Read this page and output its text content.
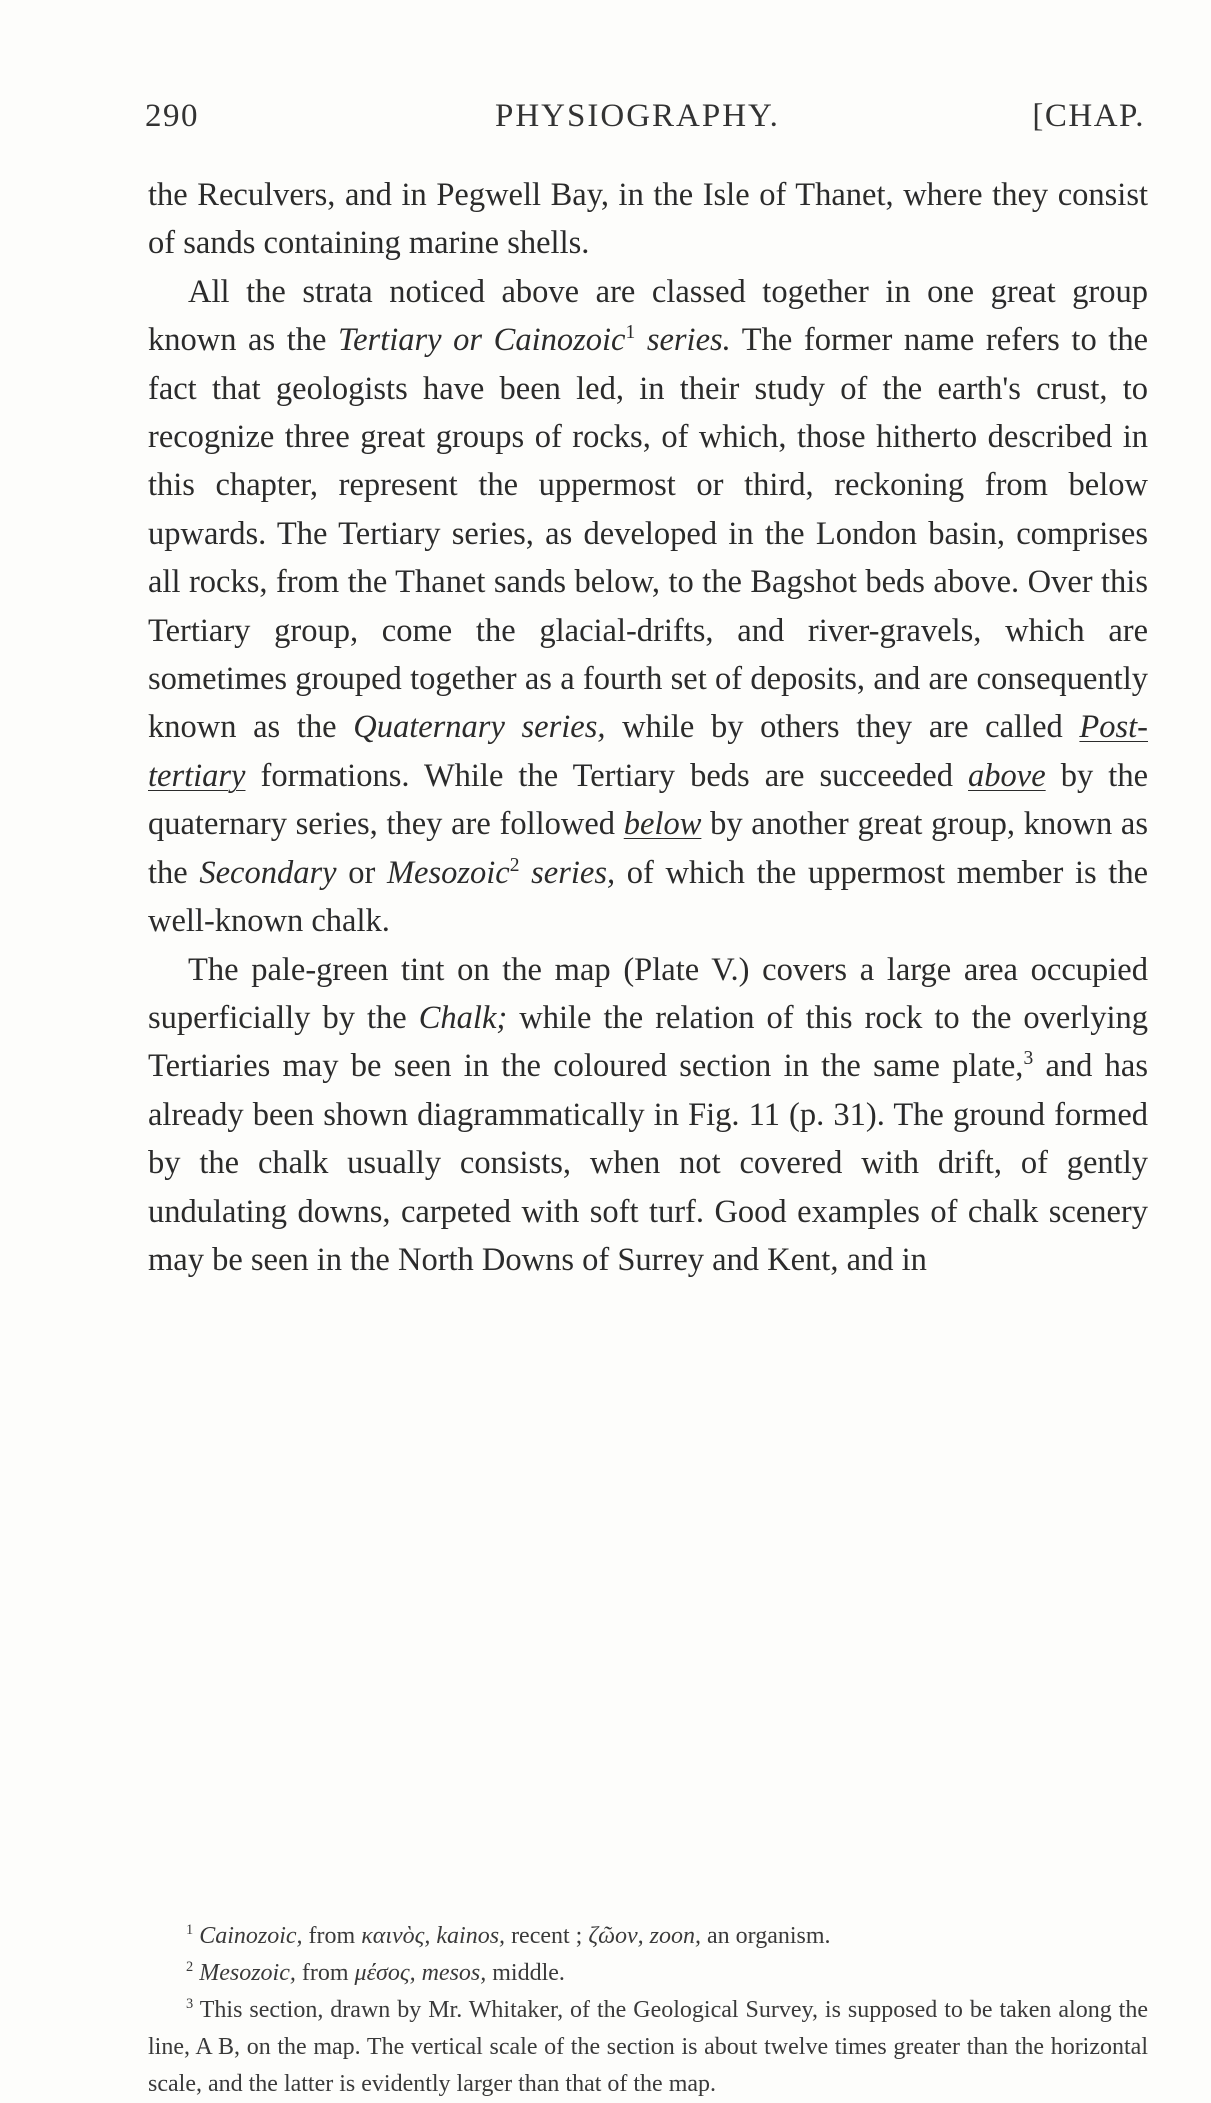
290	PHYSIOGRAPHY.	[CHAP.

the Reculvers, and in Pegwell Bay, in the Isle of Thanet, where they consist of sands containing marine shells.

All the strata noticed above are classed together in one great group known as the Tertiary or Cainozoic$^1$ series. The former name refers to the fact that geologists have been led, in their study of the earth's crust, to recognize three great groups of rocks, of which, those hitherto described in this chapter, represent the uppermost or third, reckoning from below upwards. The Tertiary series, as developed in the London basin, comprises all rocks, from the Thanet sands below, to the Bagshot beds above. Over this Tertiary group, come the glacial-drifts, and river-gravels, which are sometimes grouped together as a fourth set of deposits, and are consequently known as the Quaternary series, while by others they are called Post-tertiary formations. While the Tertiary beds are succeeded above by the quaternary series, they are followed below by another great group, known as the Secondary or Mesozoic$^2$ series, of which the uppermost member is the well-known chalk.

The pale-green tint on the map (Plate V.) covers a large area occupied superficially by the Chalk; while the relation of this rock to the overlying Tertiaries may be seen in the coloured section in the same plate,$^3$ and has already been shown diagrammatically in Fig. 11 (p. 31). The ground formed by the chalk usually consists, when not covered with drift, of gently undulating downs, carpeted with soft turf. Good examples of chalk scenery may be seen in the North Downs of Surrey and Kent, and in

$^1$ Cainozoic, from καινὸς, kainos, recent ; ζῶον, zoon, an organism.

$^2$ Mesozoic, from μέσος, mesos, middle.

$^3$ This section, drawn by Mr. Whitaker, of the Geological Survey, is supposed to be taken along the line, A B, on the map. The vertical scale of the section is about twelve times greater than the horizontal scale, and the latter is evidently larger than that of the map.
